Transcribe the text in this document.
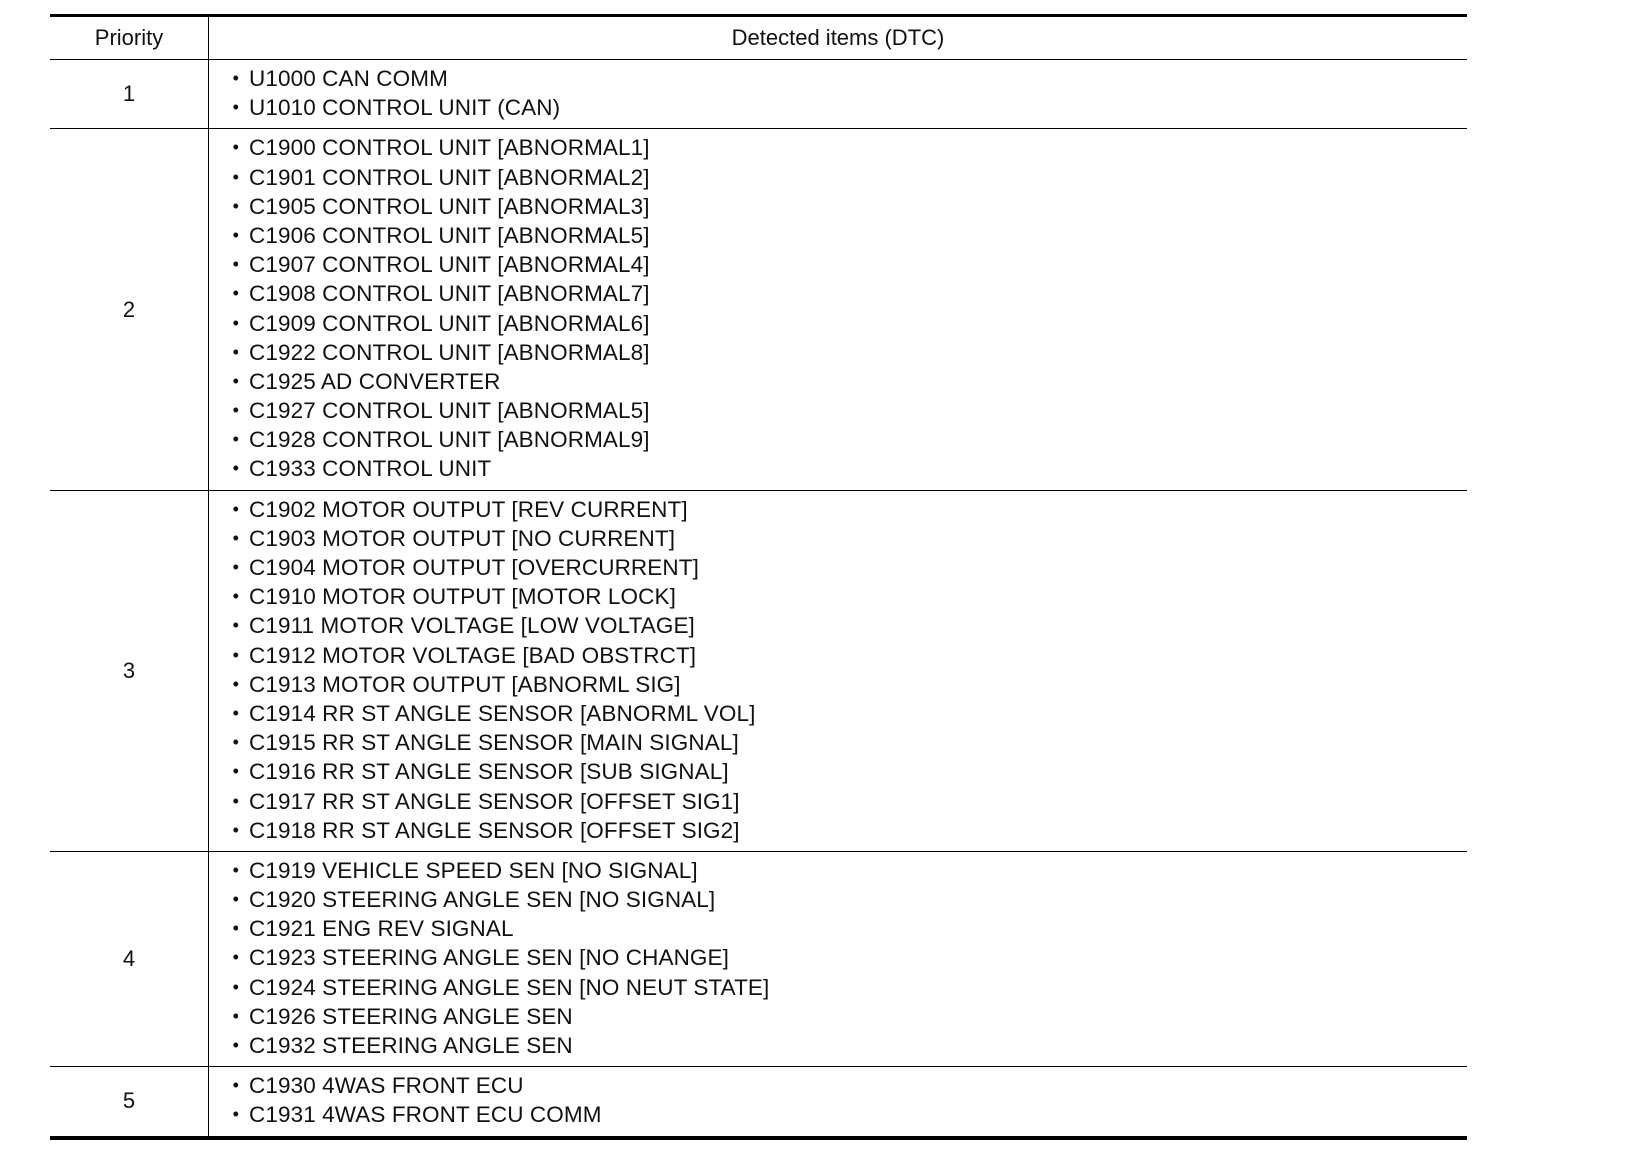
Priority	Detected items (DTC)
1
• U1000 CAN COMM
• U1010 CONTROL UNIT (CAN)
2
• C1900 CONTROL UNIT [ABNORMAL1]
• C1901 CONTROL UNIT [ABNORMAL2]
• C1905 CONTROL UNIT [ABNORMAL3]
• C1906 CONTROL UNIT [ABNORMAL5]
• C1907 CONTROL UNIT [ABNORMAL4]
• C1908 CONTROL UNIT [ABNORMAL7]
• C1909 CONTROL UNIT [ABNORMAL6]
• C1922 CONTROL UNIT [ABNORMAL8]
• C1925 AD CONVERTER
• C1927 CONTROL UNIT [ABNORMAL5]
• C1928 CONTROL UNIT [ABNORMAL9]
• C1933 CONTROL UNIT
3
• C1902 MOTOR OUTPUT [REV CURRENT]
• C1903 MOTOR OUTPUT [NO CURRENT]
• C1904 MOTOR OUTPUT [OVERCURRENT]
• C1910 MOTOR OUTPUT [MOTOR LOCK]
• C1911 MOTOR VOLTAGE [LOW VOLTAGE]
• C1912 MOTOR VOLTAGE [BAD OBSTRCT]
• C1913 MOTOR OUTPUT [ABNORML SIG]
• C1914 RR ST ANGLE SENSOR [ABNORML VOL]
• C1915 RR ST ANGLE SENSOR [MAIN SIGNAL]
• C1916 RR ST ANGLE SENSOR [SUB SIGNAL]
• C1917 RR ST ANGLE SENSOR [OFFSET SIG1]
• C1918 RR ST ANGLE SENSOR [OFFSET SIG2]
4
• C1919 VEHICLE SPEED SEN [NO SIGNAL]
• C1920 STEERING ANGLE SEN [NO SIGNAL]
• C1921 ENG REV SIGNAL
• C1923 STEERING ANGLE SEN [NO CHANGE]
• C1924 STEERING ANGLE SEN [NO NEUT STATE]
• C1926 STEERING ANGLE SEN
• C1932 STEERING ANGLE SEN
5
• C1930 4WAS FRONT ECU
• C1931 4WAS FRONT ECU COMM
